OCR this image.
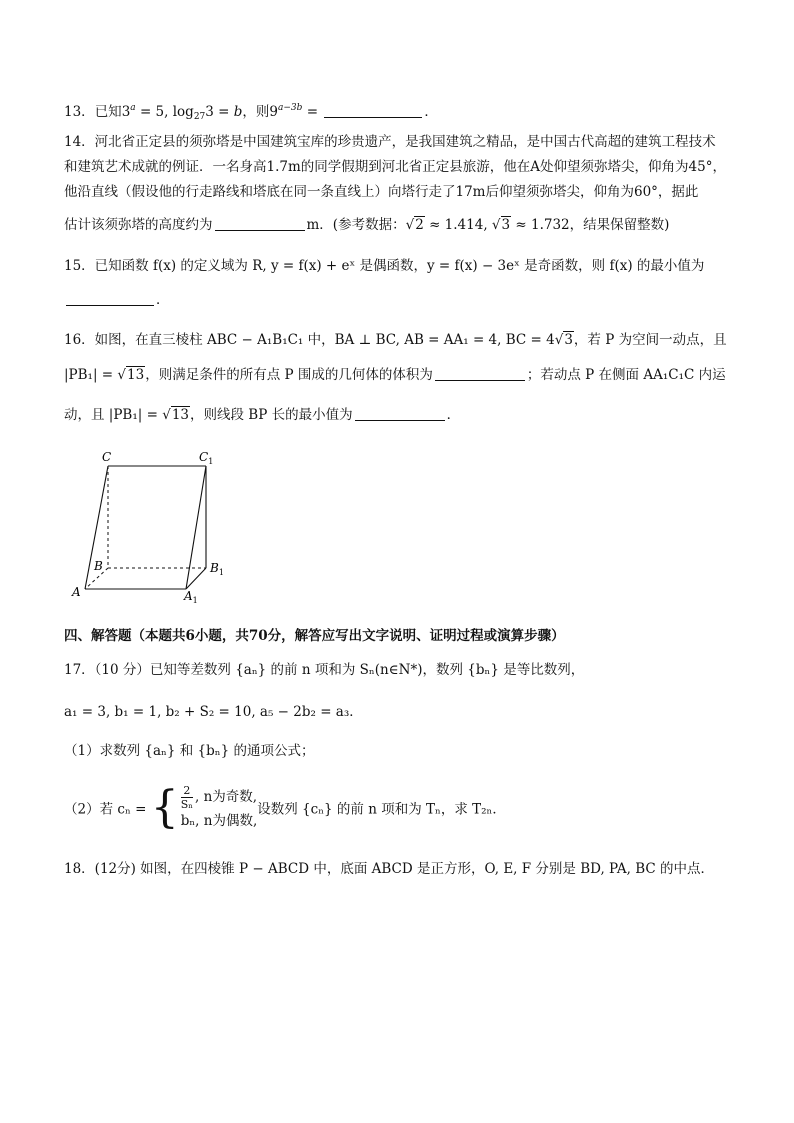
13．已知$3^a = 5$, $\log_{27}3 = b$，则$9^{a-3b}$ =	．
14．河北省正定县的须弥塔是中国建筑宝库的珍贵遗产，是我国建筑之精品，是中国古代高超的建筑工程技术
和建筑艺术成就的例证．一名身高1.7m的同学假期到河北省正定县旅游，他在A处仰望须弥塔尖，仰角为45°，
他沿直线（假设他的行走路线和塔底在同一条直线上）向塔行走了17m后仰望须弥塔尖，仰角为60°，据此
估计该须弥塔的高度约为	m．(参考数据：√2 ≈ 1.414, √3 ≈ 1.732，结果保留整数)
15．已知函数 f(x) 的定义域为 R, y = f(x) + eˣ 是偶函数，y = f(x) − 3eˣ 是奇函数，则 f(x) 的最小值为
．
16．如图，在直三棱柱 ABC − A₁B₁C₁ 中，BA ⊥ BC, AB = AA₁ = 4, BC = 4√3，若 P 为空间一动点，且
|PB₁| = √13，则满足条件的所有点 P 围成的几何体的体积为	；若动点 P 在侧面 AA₁C₁C 内运
动，且 |PB₁| = √13，则线段 BP 长的最小值为	．
C	$C_1$
B	$B_1$
A	$A_1$
四、解答题（本题共6小题，共70分，解答应写出文字说明、证明过程或演算步骤）
17．（10 分）已知等差数列 {aₙ} 的前 n 项和为 Sₙ(n∈N*)，数列 {bₙ} 是等比数列，
a₁ = 3, b₁ = 1, b₂ + S₂ = 10, a₅ − 2b₂ = a₃．
（1）求数列 {aₙ} 和 {bₙ} 的通项公式；
（2）若 cₙ = { $\frac{2}{\text{Sₙ}}$ , n为奇数,
bₙ, n为偶数,
设数列 {cₙ} 的前 n 项和为 Tₙ，求 T₂ₙ．
18．(12分) 如图，在四棱锥 P − ABCD 中，底面 ABCD 是正方形，O, E, F 分别是 BD, PA, BC 的中点．
